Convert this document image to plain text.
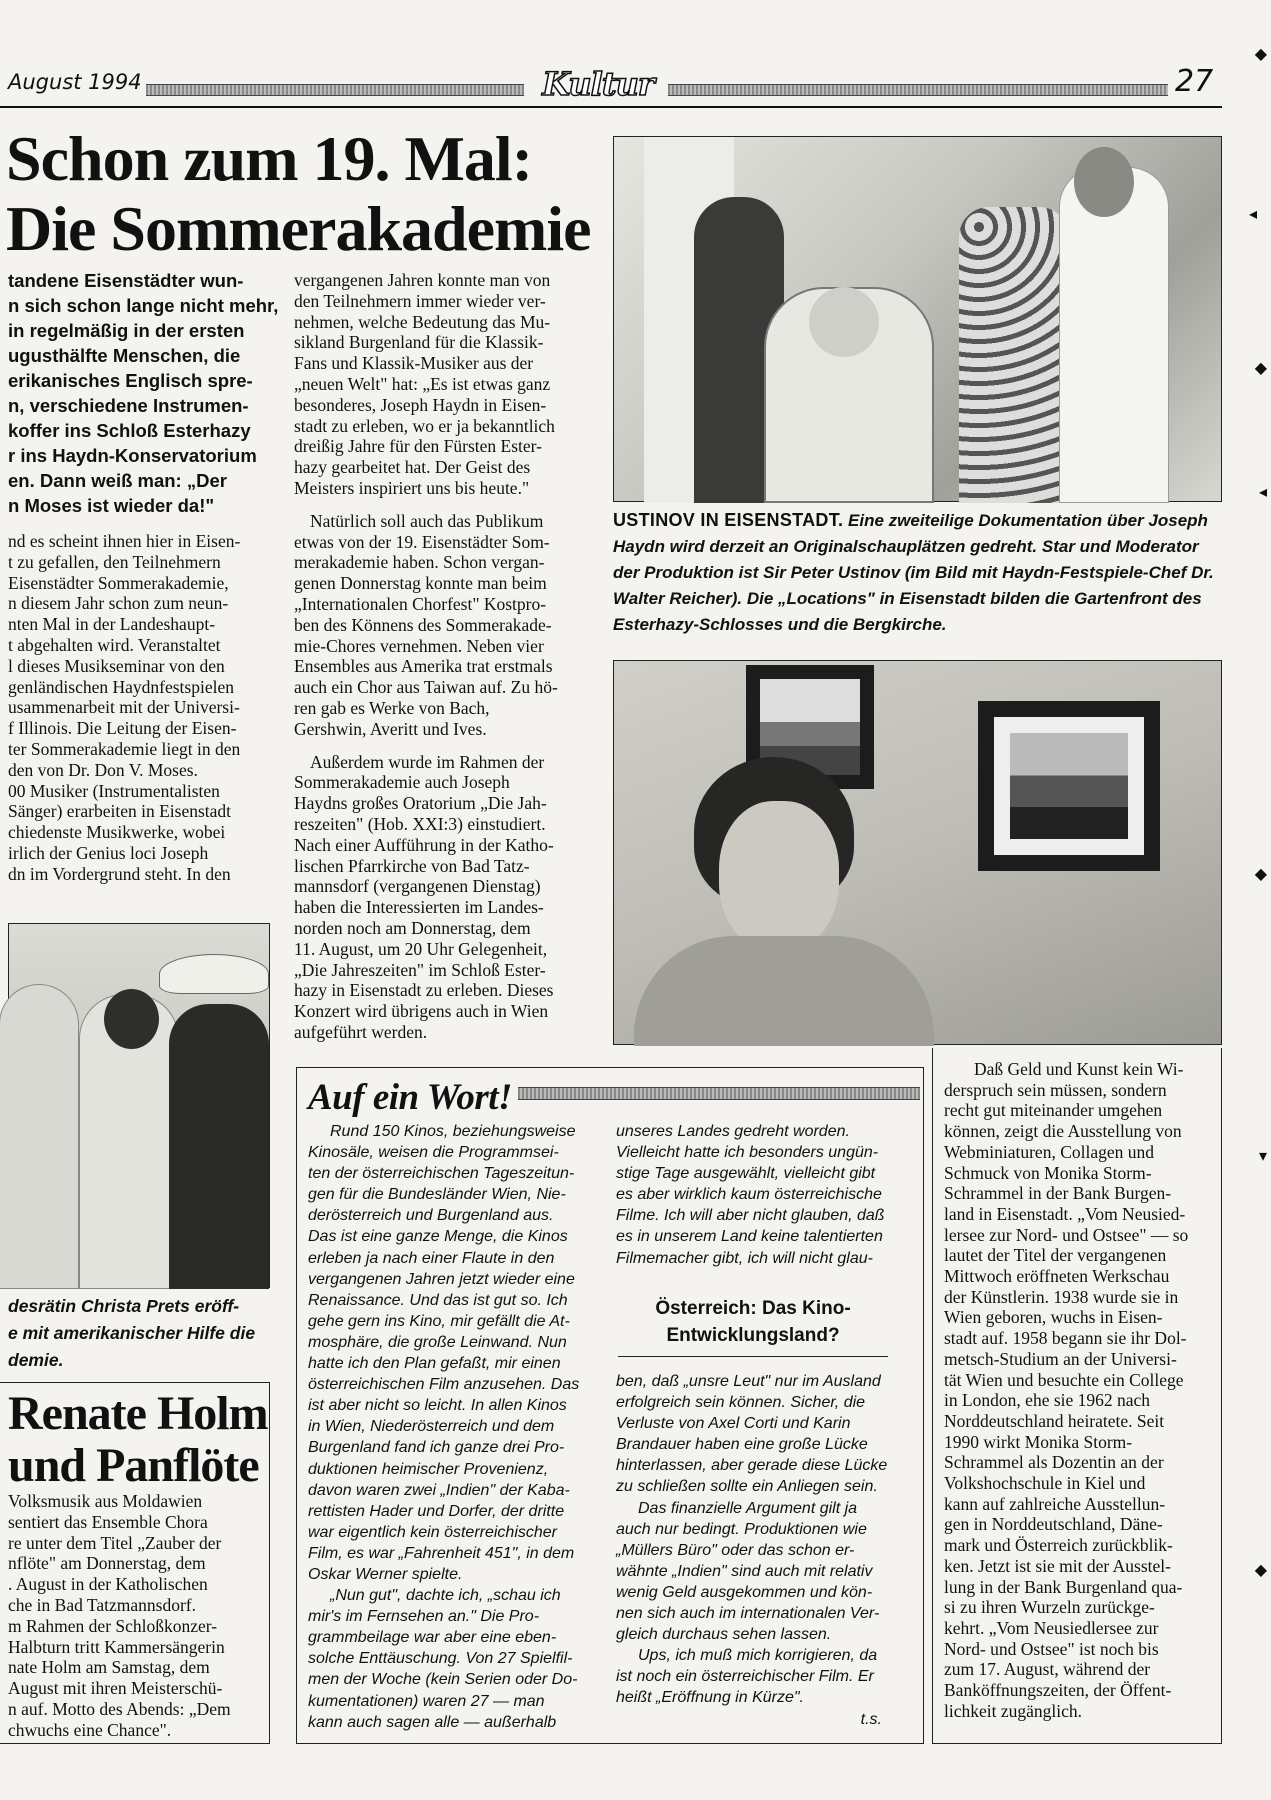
August 1994	Kultur	27
Schon zum 19. Mal:
Die Sommerakademie
tandene Eisenstädter wun-
n sich schon lange nicht mehr,
in regelmäßig in der ersten
ugusthälfte Menschen, die
erikanisches Englisch spre-
n, verschiedene Instrumen-
koffer ins Schloß Esterhazy
r ins Haydn-Konservatorium
en. Dann weiß man: „Der
n Moses ist wieder da!"
nd es scheint ihnen hier in Eisen-
t zu gefallen, den Teilnehmern
Eisenstädter Sommerakademie,
n diesem Jahr schon zum neun-
nten Mal in der Landeshaupt-
t abgehalten wird. Veranstaltet
l dieses Musikseminar von den
genländischen Haydnfestspielen
usammenarbeit mit der Universi-
f Illinois. Die Leitung der Eisen-
ter Sommerakademie liegt in den
den von Dr. Don V. Moses.
00 Musiker (Instrumentalisten
Sänger) erarbeiten in Eisenstadt
chiedenste Musikwerke, wobei
irlich der Genius loci Joseph
dn im Vordergrund steht. In den

vergangenen Jahren konnte man von
den Teilnehmern immer wieder ver-
nehmen, welche Bedeutung das Mu-
sikland Burgenland für die Klassik-
Fans und Klassik-Musiker aus der
„neuen Welt" hat: „Es ist etwas ganz
besonderes, Joseph Haydn in Eisen-
stadt zu erleben, wo er ja bekanntlich
dreißig Jahre für den Fürsten Ester-
hazy gearbeitet hat. Der Geist des
Meisters inspiriert uns bis heute."

Natürlich soll auch das Publikum
etwas von der 19. Eisenstädter Som-
merakademie haben. Schon vergan-
genen Donnerstag konnte man beim
„Internationalen Chorfest" Kostpro-
ben des Könnens des Sommerakade-
mie-Chores vernehmen. Neben vier
Ensembles aus Amerika trat erstmals
auch ein Chor aus Taiwan auf. Zu hö-
ren gab es Werke von Bach,
Gershwin, Averitt und Ives.

Außerdem wurde im Rahmen der
Sommerakademie auch Joseph
Haydns großes Oratorium „Die Jah-
reszeiten" (Hob. XXI:3) einstudiert.
Nach einer Aufführung in der Katho-
lischen Pfarrkirche von Bad Tatz-
mannsdorf (vergangenen Dienstag)
haben die Interessierten im Landes-
norden noch am Donnerstag, dem
11. August, um 20 Uhr Gelegenheit,
„Die Jahreszeiten" im Schloß Ester-
hazy in Eisenstadt zu erleben. Dieses
Konzert wird übrigens auch in Wien
aufgeführt werden.

USTINOV IN EISENSTADT. Eine zweiteilige Dokumentation über Joseph Haydn wird derzeit an Originalschauplätzen gedreht. Star und Moderator der Produktion ist Sir Peter Ustinov (im Bild mit Haydn-Festspiele-Chef Dr. Walter Reicher). Die „Locations" in Eisenstadt bilden die Gartenfront des Esterhazy-Schlosses und die Bergkirche.
desrätin Christa Prets eröff-
e mit amerikanischer Hilfe die
demie.
Renate Holm
und Panflöte
Volksmusik aus Moldawien
sentiert das Ensemble Chora
re unter dem Titel „Zauber der
nflöte" am Donnerstag, dem
. August in der Katholischen
che in Bad Tatzmannsdorf.
m Rahmen der Schloßkonzer-
Halbturn tritt Kammersängerin
nate Holm am Samstag, dem
August mit ihren Meisterschü-
n auf. Motto des Abends: „Dem
chwuchs eine Chance".
Auf ein Wort!

Rund 150 Kinos, beziehungsweise
Kinosäle, weisen die Programmsei-
ten der österreichischen Tageszeitun-
gen für die Bundesländer Wien, Nie-
derösterreich und Burgenland aus.
Das ist eine ganze Menge, die Kinos
erleben ja nach einer Flaute in den
vergangenen Jahren jetzt wieder eine
Renaissance. Und das ist gut so. Ich
gehe gern ins Kino, mir gefällt die At-
mosphäre, die große Leinwand. Nun
hatte ich den Plan gefaßt, mir einen
österreichischen Film anzusehen. Das
ist aber nicht so leicht. In allen Kinos
in Wien, Niederösterreich und dem
Burgenland fand ich ganze drei Pro-
duktionen heimischer Provenienz,
davon waren zwei „Indien" der Kaba-
rettisten Hader und Dorfer, der dritte
war eigentlich kein österreichischer
Film, es war „Fahrenheit 451", in dem
Oskar Werner spielte.

„Nun gut", dachte ich, „schau ich
mir's im Fernsehen an." Die Pro-
grammbeilage war aber eine eben-
solche Enttäuschung. Von 27 Spielfil-
men der Woche (kein Serien oder Do-
kumentationen) waren 27 — man
kann auch sagen alle — außerhalb

unseres Landes gedreht worden.
Vielleicht hatte ich besonders ungün-
stige Tage ausgewählt, vielleicht gibt
es aber wirklich kaum österreichische
Filme. Ich will aber nicht glauben, daß
es in unserem Land keine talentierten
Filmemacher gibt, ich will nicht glau-
Österreich: Das Kino-
Entwicklungsland?

ben, daß „unsre Leut" nur im Ausland
erfolgreich sein können. Sicher, die
Verluste von Axel Corti und Karin
Brandauer haben eine große Lücke
hinterlassen, aber gerade diese Lücke
zu schließen sollte ein Anliegen sein.

Das finanzielle Argument gilt ja
auch nur bedingt. Produktionen wie
„Müllers Büro" oder das schon er-
wähnte „Indien" sind auch mit relativ
wenig Geld ausgekommen und kön-
nen sich auch im internationalen Ver-
gleich durchaus sehen lassen.

Ups, ich muß mich korrigieren, da
ist noch ein österreichischer Film. Er
heißt „Eröffnung in Kürze".

t.s.
Daß Geld und Kunst kein Wi-
derspruch sein müssen, sondern
recht gut miteinander umgehen
können, zeigt die Ausstellung von
Webminiaturen, Collagen und
Schmuck von Monika Storm-
Schrammel in der Bank Burgen-
land in Eisenstadt. „Vom Neusied-
lersee zur Nord- und Ostsee" — so
lautet der Titel der vergangenen
Mittwoch eröffneten Werkschau
der Künstlerin. 1938 wurde sie in
Wien geboren, wuchs in Eisen-
stadt auf. 1958 begann sie ihr Dol-
metsch-Studium an der Universi-
tät Wien und besuchte ein College
in London, ehe sie 1962 nach
Norddeutschland heiratete. Seit
1990 wirkt Monika Storm-
Schrammel als Dozentin an der
Volkshochschule in Kiel und
kann auf zahlreiche Ausstellun-
gen in Norddeutschland, Däne-
mark und Österreich zurückblik-
ken. Jetzt ist sie mit der Ausstel-
lung in der Bank Burgenland qua-
si zu ihren Wurzeln zurückge-
kehrt. „Vom Neusiedlersee zur
Nord- und Ostsee" ist noch bis
zum 17. August, während der
Banköffnungszeiten, der Öffent-
lichkeit zugänglich.
◆
◂
◆
◂
◆
▾
◆
